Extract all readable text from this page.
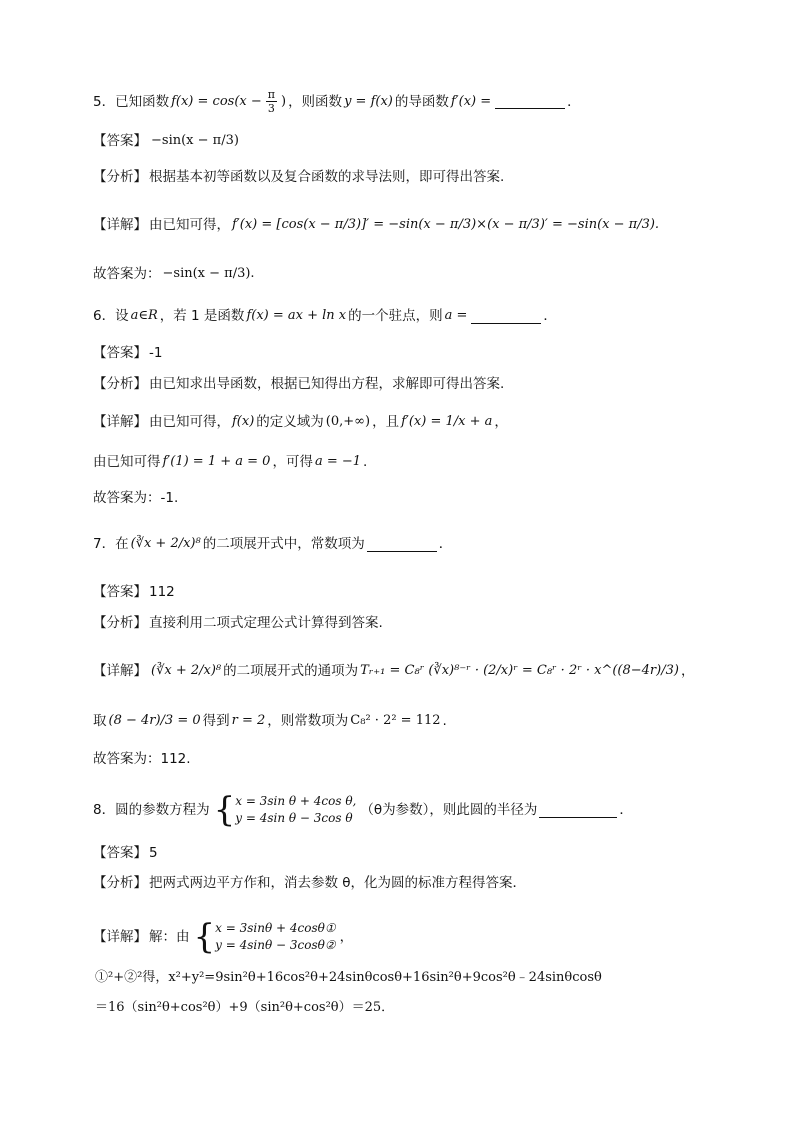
5． 已知函数 $f(x) = \cos(x - \frac{\pi}{3}$ ) ，则函数 y = f(x) 的导函数 f′(x) =	．
【答案】 −sin(x − π/3)
【分析】 根据基本初等函数以及复合函数的求导法则，即可得出答案.
【详解】 由已知可得， f′(x) = [cos(x − π/3)]′ = −sin(x − π/3)×(x − π/3)′ = −sin(x − π/3).
故答案为： −sin(x − π/3).
6． 设 a∈R ，若 1 是函数 f(x) = ax + ln x 的一个驻点，则 a =	．
【答案】 -1
【分析】 由已知求出导函数，根据已知得出方程，求解即可得出答案.
【详解】 由已知可得， f(x) 的定义域为 (0,+∞) ，且 f′(x) = 1/x + a ，
由已知可得 f′(1) = 1 + a = 0 ，可得 a = −1 .
故答案为： -1.
7． 在 (∛x + 2/x)⁸ 的二项展开式中，常数项为	．
【答案】 112
【分析】 直接利用二项式定理公式计算得到答案.
【详解】 (∛x + 2/x)⁸ 的二项展开式的通项为 Tᵣ₊₁ = C₈ʳ (∛x)⁸⁻ʳ · (2/x)ʳ = C₈ʳ · 2ʳ · x^((8−4r)/3) ，
取 (8 − 4r)/3 = 0 得到 r = 2 ，则常数项为 C₈² · 2² = 112 .
故答案为： 112.
8． 圆的参数方程为 { x = 3sin θ + 4cos θ,
y = 4sin θ − 3cos θ （θ为参数），则此圆的半径为	．
【答案】 5
【分析】 把两式两边平方作和，消去参数 θ，化为圆的标准方程得答案．
【详解】 解：由 { x = 3sinθ + 4cosθ①
y = 4sinθ − 3cosθ② ，
①²+②²得，x²+y²=9sin²θ+16cos²θ+24sinθcosθ+16sin²θ+9cos²θ﹣24sinθcosθ
＝16（sin²θ+cos²θ）+9（sin²θ+cos²θ）＝25．
